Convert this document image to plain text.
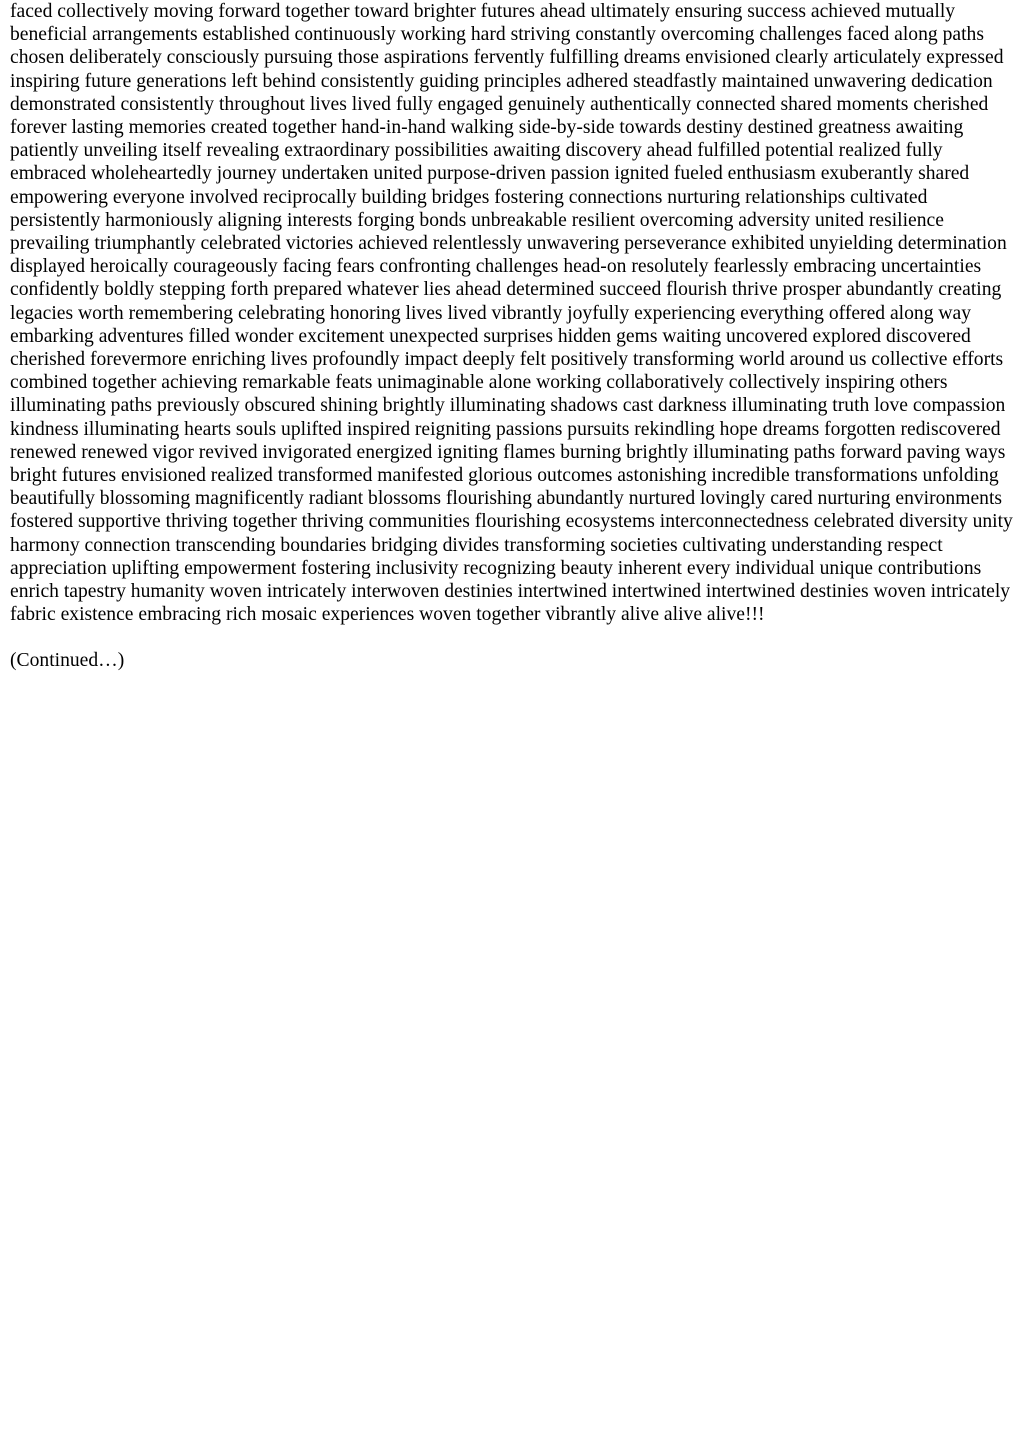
faced collectively moving forward together toward brighter futures ahead ultimately ensuring success achieved mutually beneficial arrangements established continuously working hard striving constantly overcoming challenges faced along paths chosen deliberately consciously pursuing those aspirations fervently fulfilling dreams envisioned clearly articulately expressed inspiring future generations left behind consistently guiding principles adhered steadfastly maintained unwavering dedication demonstrated consistently throughout lives lived fully engaged genuinely authentically connected shared moments cherished forever lasting memories created together hand-in-hand walking side-by-side towards destiny destined greatness awaiting patiently unveiling itself revealing extraordinary possibilities awaiting discovery ahead fulfilled potential realized fully embraced wholeheartedly journey undertaken united purpose-driven passion ignited fueled enthusiasm exuberantly shared empowering everyone involved reciprocally building bridges fostering connections nurturing relationships cultivated persistently harmoniously aligning interests forging bonds unbreakable resilient overcoming adversity united resilience prevailing triumphantly celebrated victories achieved relentlessly unwavering perseverance exhibited unyielding determination displayed heroically courageously facing fears confronting challenges head-on resolutely fearlessly embracing uncertainties confidently boldly stepping forth prepared whatever lies ahead determined succeed flourish thrive prosper abundantly creating legacies worth remembering celebrating honoring lives lived vibrantly joyfully experiencing everything offered along way embarking adventures filled wonder excitement unexpected surprises hidden gems waiting uncovered explored discovered cherished forevermore enriching lives profoundly impact deeply felt positively transforming world around us collective efforts combined together achieving remarkable feats unimaginable alone working collaboratively collectively inspiring others illuminating paths previously obscured shining brightly illuminating shadows cast darkness illuminating truth love compassion kindness illuminating hearts souls uplifted inspired reigniting passions pursuits rekindling hope dreams forgotten rediscovered renewed renewed vigor revived invigorated energized igniting flames burning brightly illuminating paths forward paving ways bright futures envisioned realized transformed manifested glorious outcomes astonishing incredible transformations unfolding beautifully blossoming magnificently radiant blossoms flourishing abundantly nurtured lovingly cared nurturing environments fostered supportive thriving together thriving communities flourishing ecosystems interconnectedness celebrated diversity unity harmony connection transcending boundaries bridging divides transforming societies cultivating understanding respect appreciation uplifting empowerment fostering inclusivity recognizing beauty inherent every individual unique contributions enrich tapestry humanity woven intricately interwoven destinies intertwined intertwined intertwined destinies woven intricately fabric existence embracing rich mosaic experiences woven together vibrantly alive alive alive!!!

(Continued…)
